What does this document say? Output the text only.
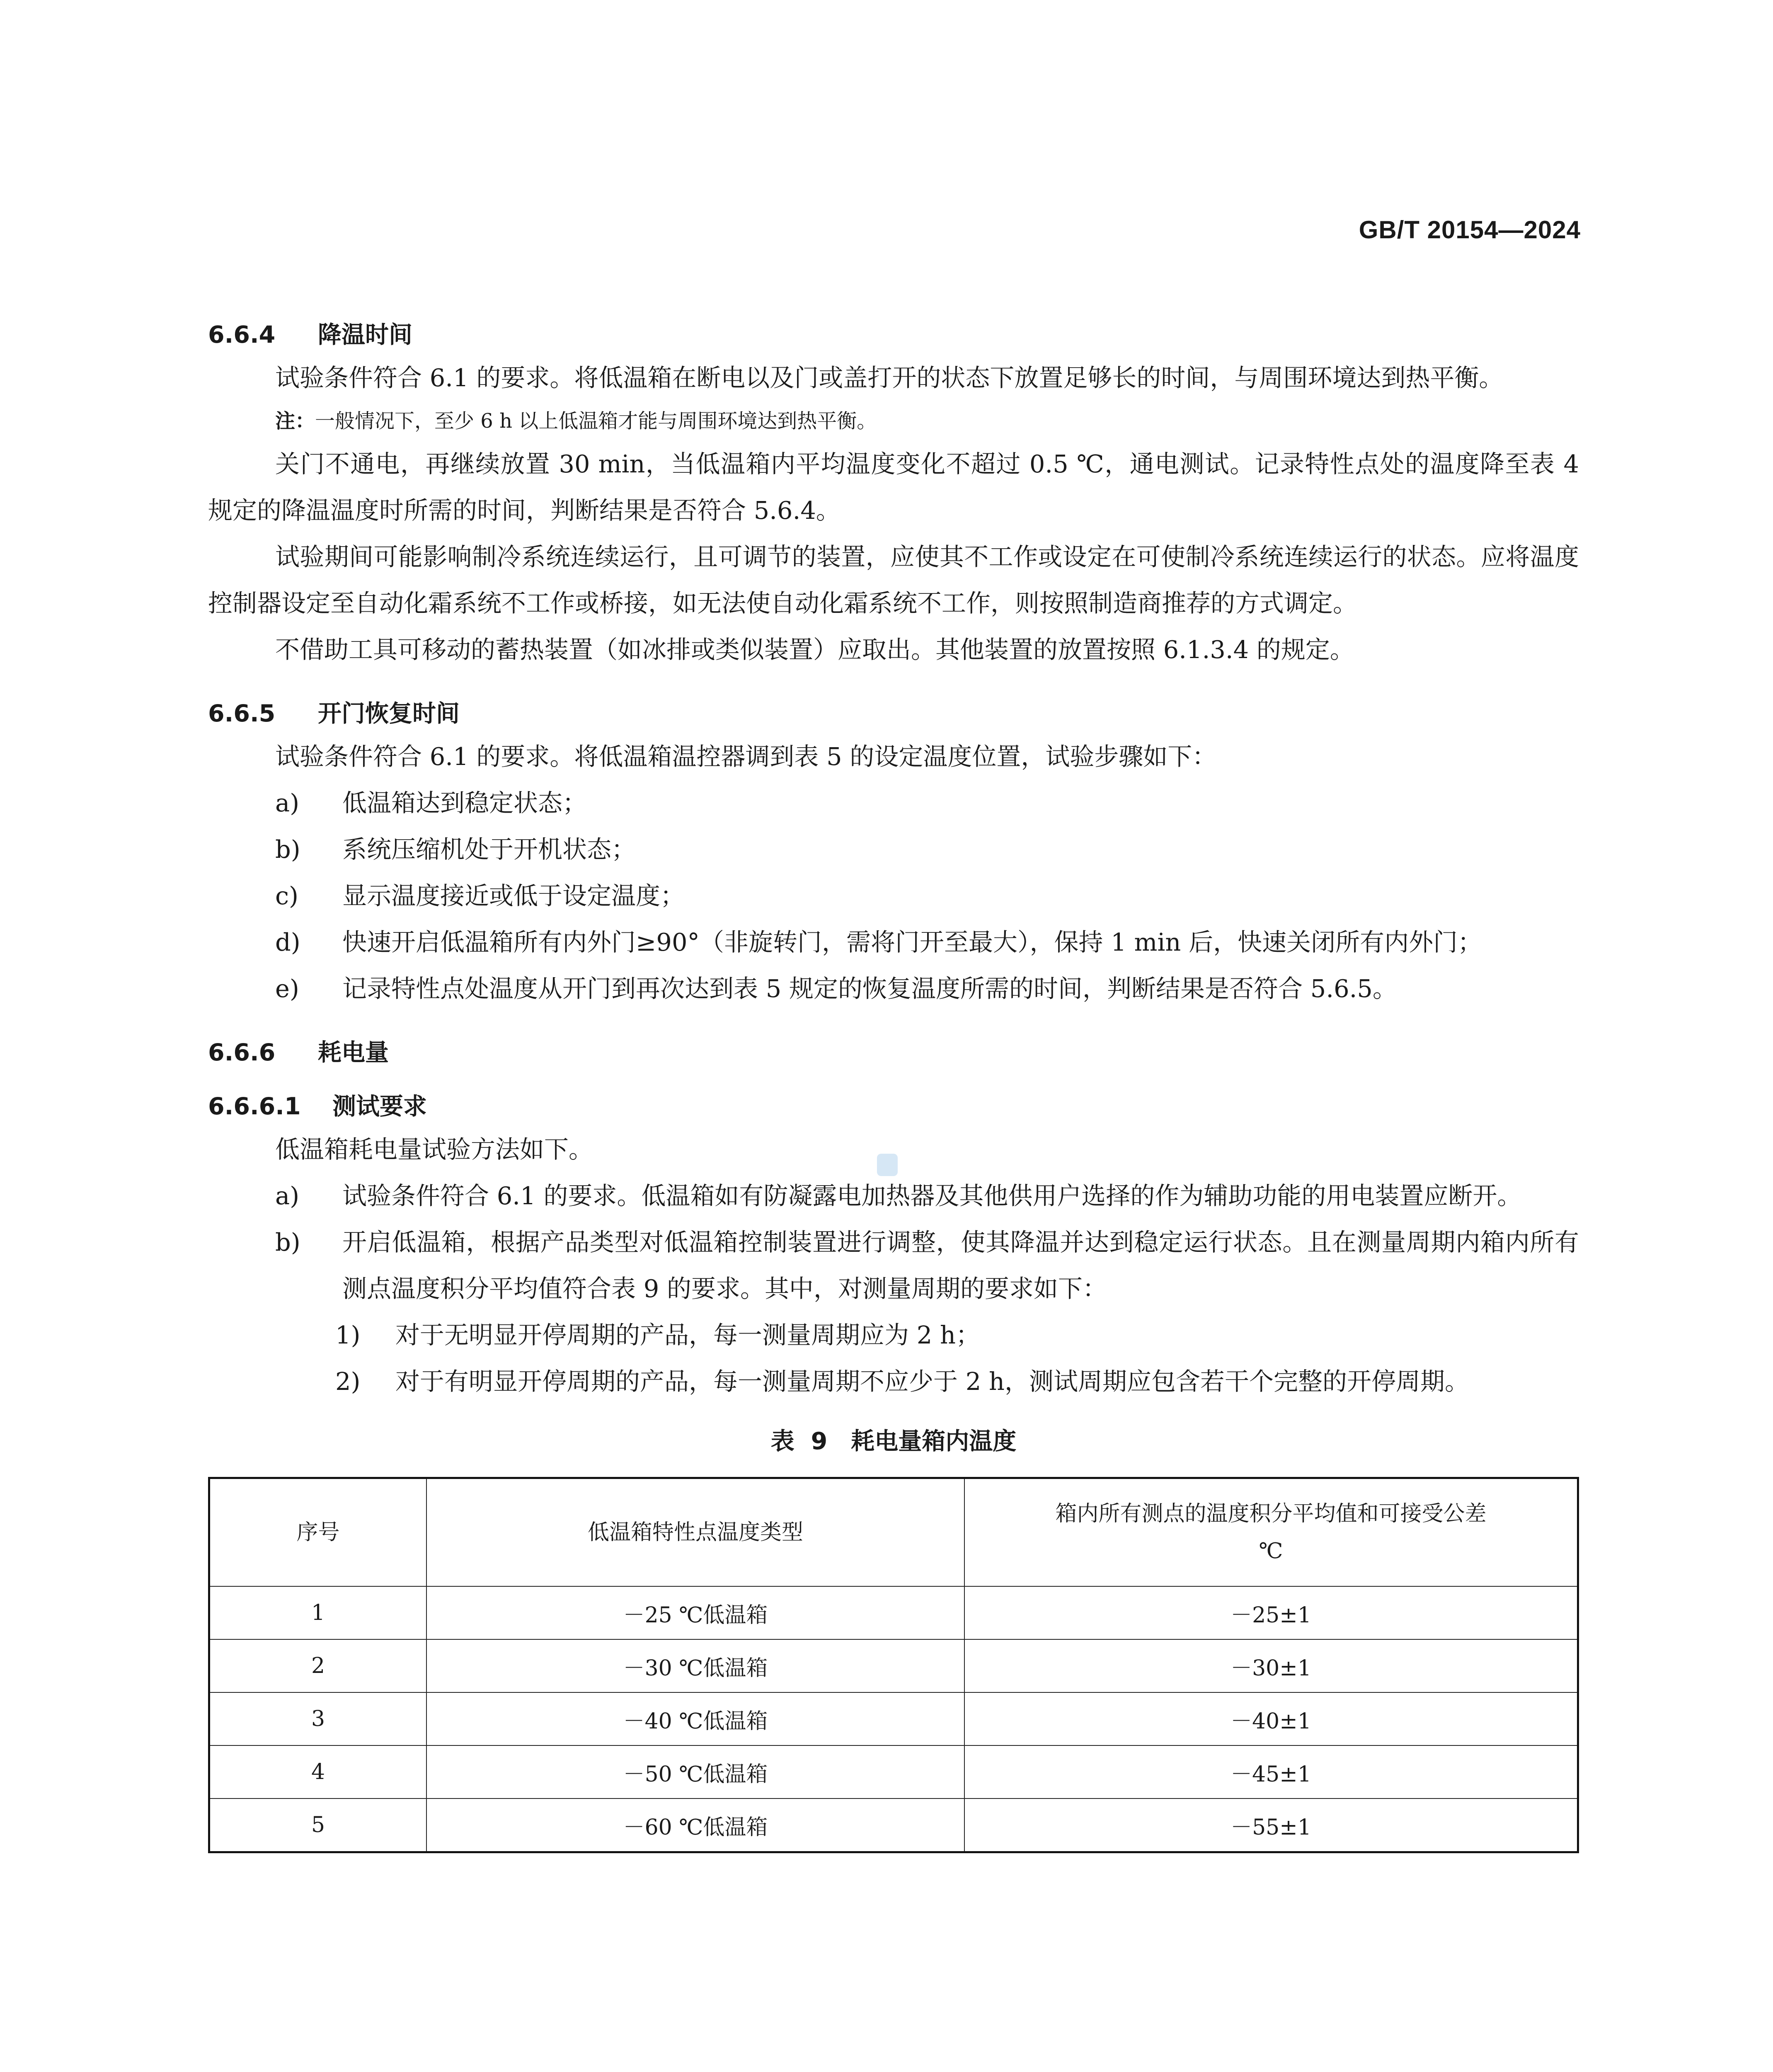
GB/T 20154—2024
6.6.4 降温时间

试验条件符合 6.1 的要求。将低温箱在断电以及门或盖打开的状态下放置足够长的时间，与周围环境达到热平衡。

注：一般情况下，至少 6 h 以上低温箱才能与周围环境达到热平衡。

关门不通电，再继续放置 30 min，当低温箱内平均温度变化不超过 0.5 ℃，通电测试。记录特性点处的温度降至表 4 规定的降温温度时所需的时间，判断结果是否符合 5.6.4。

试验期间可能影响制冷系统连续运行，且可调节的装置，应使其不工作或设定在可使制冷系统连续运行的状态。应将温度控制器设定至自动化霜系统不工作或桥接，如无法使自动化霜系统不工作，则按照制造商推荐的方式调定。

不借助工具可移动的蓄热装置（如冰排或类似装置）应取出。其他装置的放置按照 6.1.3.4 的规定。

6.6.5 开门恢复时间

试验条件符合 6.1 的要求。将低温箱温控器调到表 5 的设定温度位置，试验步骤如下：

a)	低温箱达到稳定状态；
b)	系统压缩机处于开机状态；
c)	显示温度接近或低于设定温度；
d)	快速开启低温箱所有内外门≥90°（非旋转门，需将门开至最大），保持 1 min 后，快速关闭所有内外门；
e)	记录特性点处温度从开门到再次达到表 5 规定的恢复温度所需的时间，判断结果是否符合 5.6.5。
6.6.6 耗电量
6.6.6.1 测试要求

低温箱耗电量试验方法如下。

a)	试验条件符合 6.1 的要求。低温箱如有防凝露电加热器及其他供用户选择的作为辅助功能的用电装置应断开。
b)	开启低温箱，根据产品类型对低温箱控制装置进行调整，使其降温并达到稳定运行状态。且在测量周期内箱内所有测点温度积分平均值符合表 9 的要求。其中，对测量周期的要求如下：
1)	对于无明显开停周期的产品，每一测量周期应为 2 h；
2)	对于有明显开停周期的产品，每一测量周期不应少于 2 h，测试周期应包含若干个完整的开停周期。
表 9　耗电量箱内温度
序号	低温箱特性点温度类型	箱内所有测点的温度积分平均值和可接受公差
℃
1	－25 ℃低温箱	－25±1
2	－30 ℃低温箱	－30±1
3	－40 ℃低温箱	－40±1
4	－50 ℃低温箱	－45±1
5	－60 ℃低温箱	－55±1
